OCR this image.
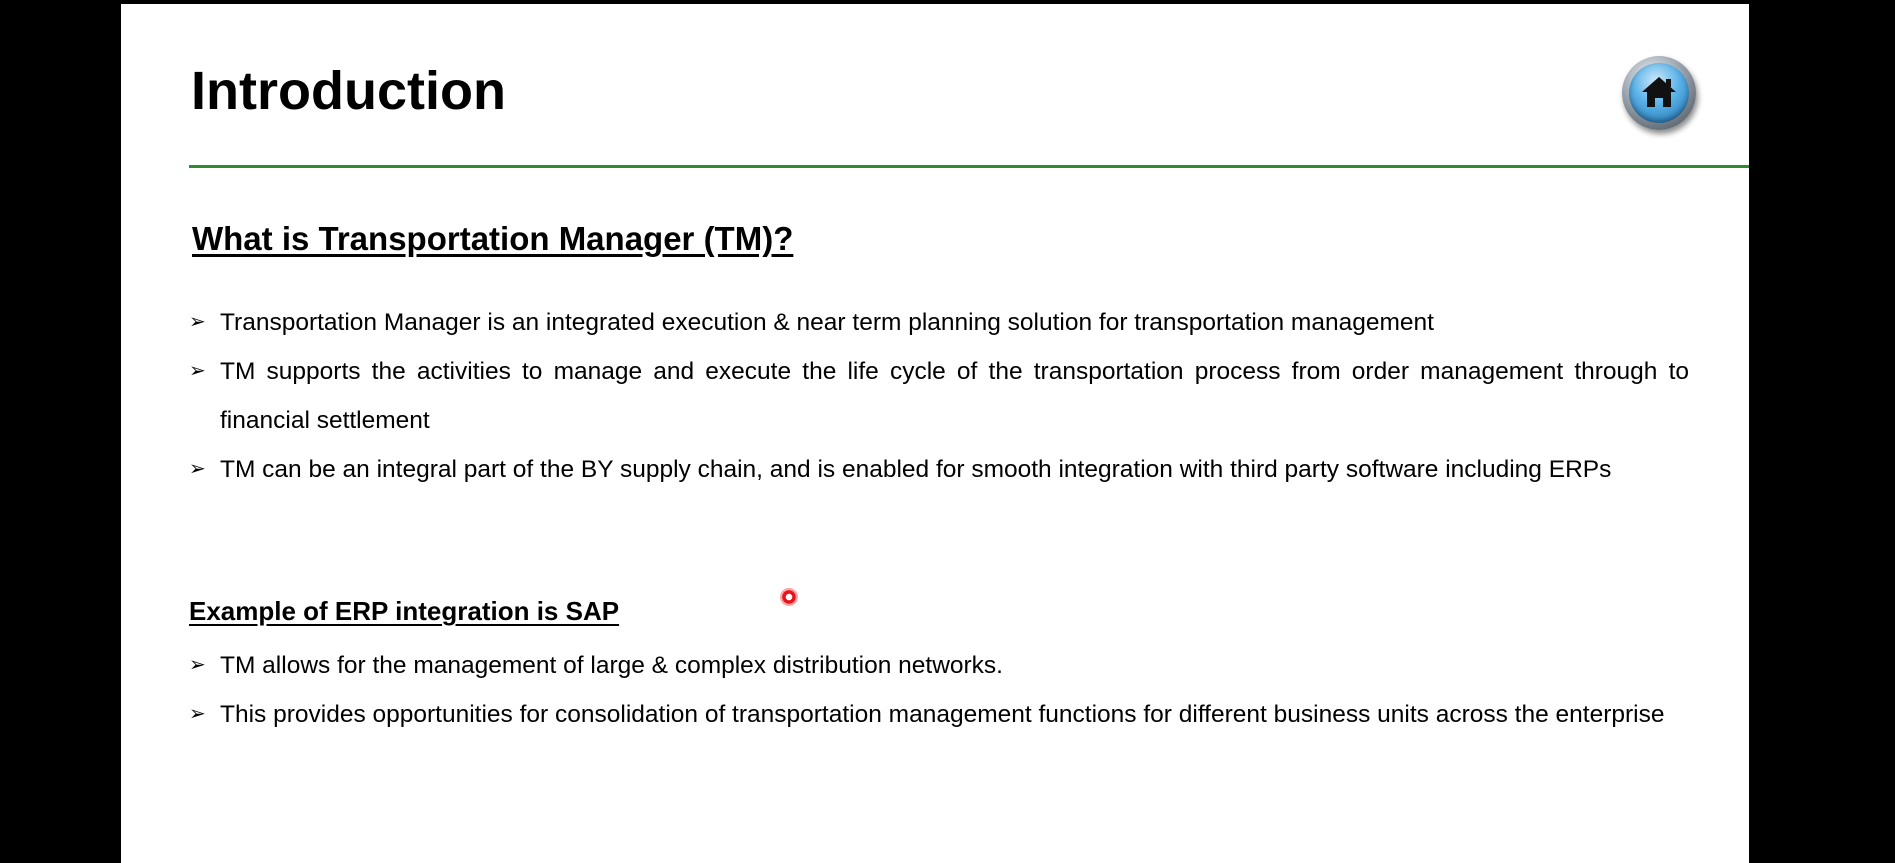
Introduction
What is Transportation Manager (TM)?
➢ Transportation Manager is an integrated execution & near term planning solution for transportation management
➢ TM supports the activities to manage and execute the life cycle of the transportation process from order management through to financial settlement
➢ TM can be an integral part of the BY supply chain, and is enabled for smooth integration with third party software including ERPs
Example of ERP integration is SAP
➢ TM allows for the management of large & complex distribution networks.
➢ This provides opportunities for consolidation of transportation management functions for different business units across the enterprise
